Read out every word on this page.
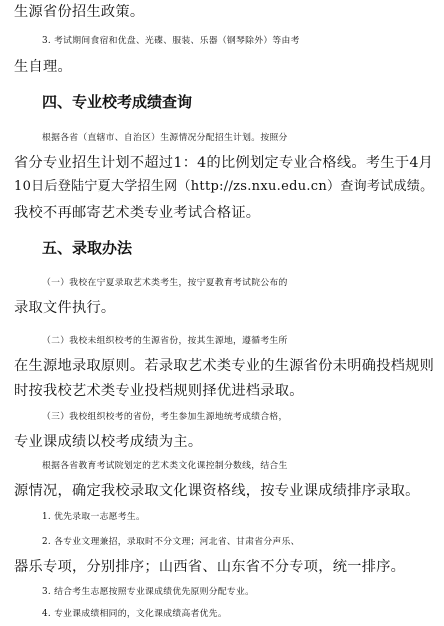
生源省份招生政策。
3. 考试期间食宿和优盘、光碟、服装、乐器（钢琴除外）等由考
生自理。
四、专业校考成绩查询
根据各省（直辖市、自治区）生源情况分配招生计划。按照分
省分专业招生计划不超过1：4的比例划定专业合格线。考生于4月
10日后登陆宁夏大学招生网（http://zs.nxu.edu.cn）查询考试成绩。
我校不再邮寄艺术类专业考试合格证。
五、录取办法
（一）我校在宁夏录取艺术类考生，按宁夏教育考试院公布的
录取文件执行。
（二）我校未组织校考的生源省份，按其生源地，遵循考生所
在生源地录取原则。若录取艺术类专业的生源省份未明确投档规则
时按我校艺术类专业投档规则择优进档录取。
（三）我校组织校考的省份，考生参加生源地统考成绩合格，
专业课成绩以校考成绩为主。
根据各省教育考试院划定的艺术类文化课控制分数线，结合生
源情况，确定我校录取文化课资格线，按专业课成绩排序录取。
1. 优先录取一志愿考生。
2. 各专业文理兼招，录取时不分文理；河北省、甘肃省分声乐、
器乐专项，分别排序；山西省、山东省不分专项，统一排序。
3. 结合考生志愿按照专业课成绩优先原则分配专业。
4. 专业课成绩相同的，文化课成绩高者优先。
